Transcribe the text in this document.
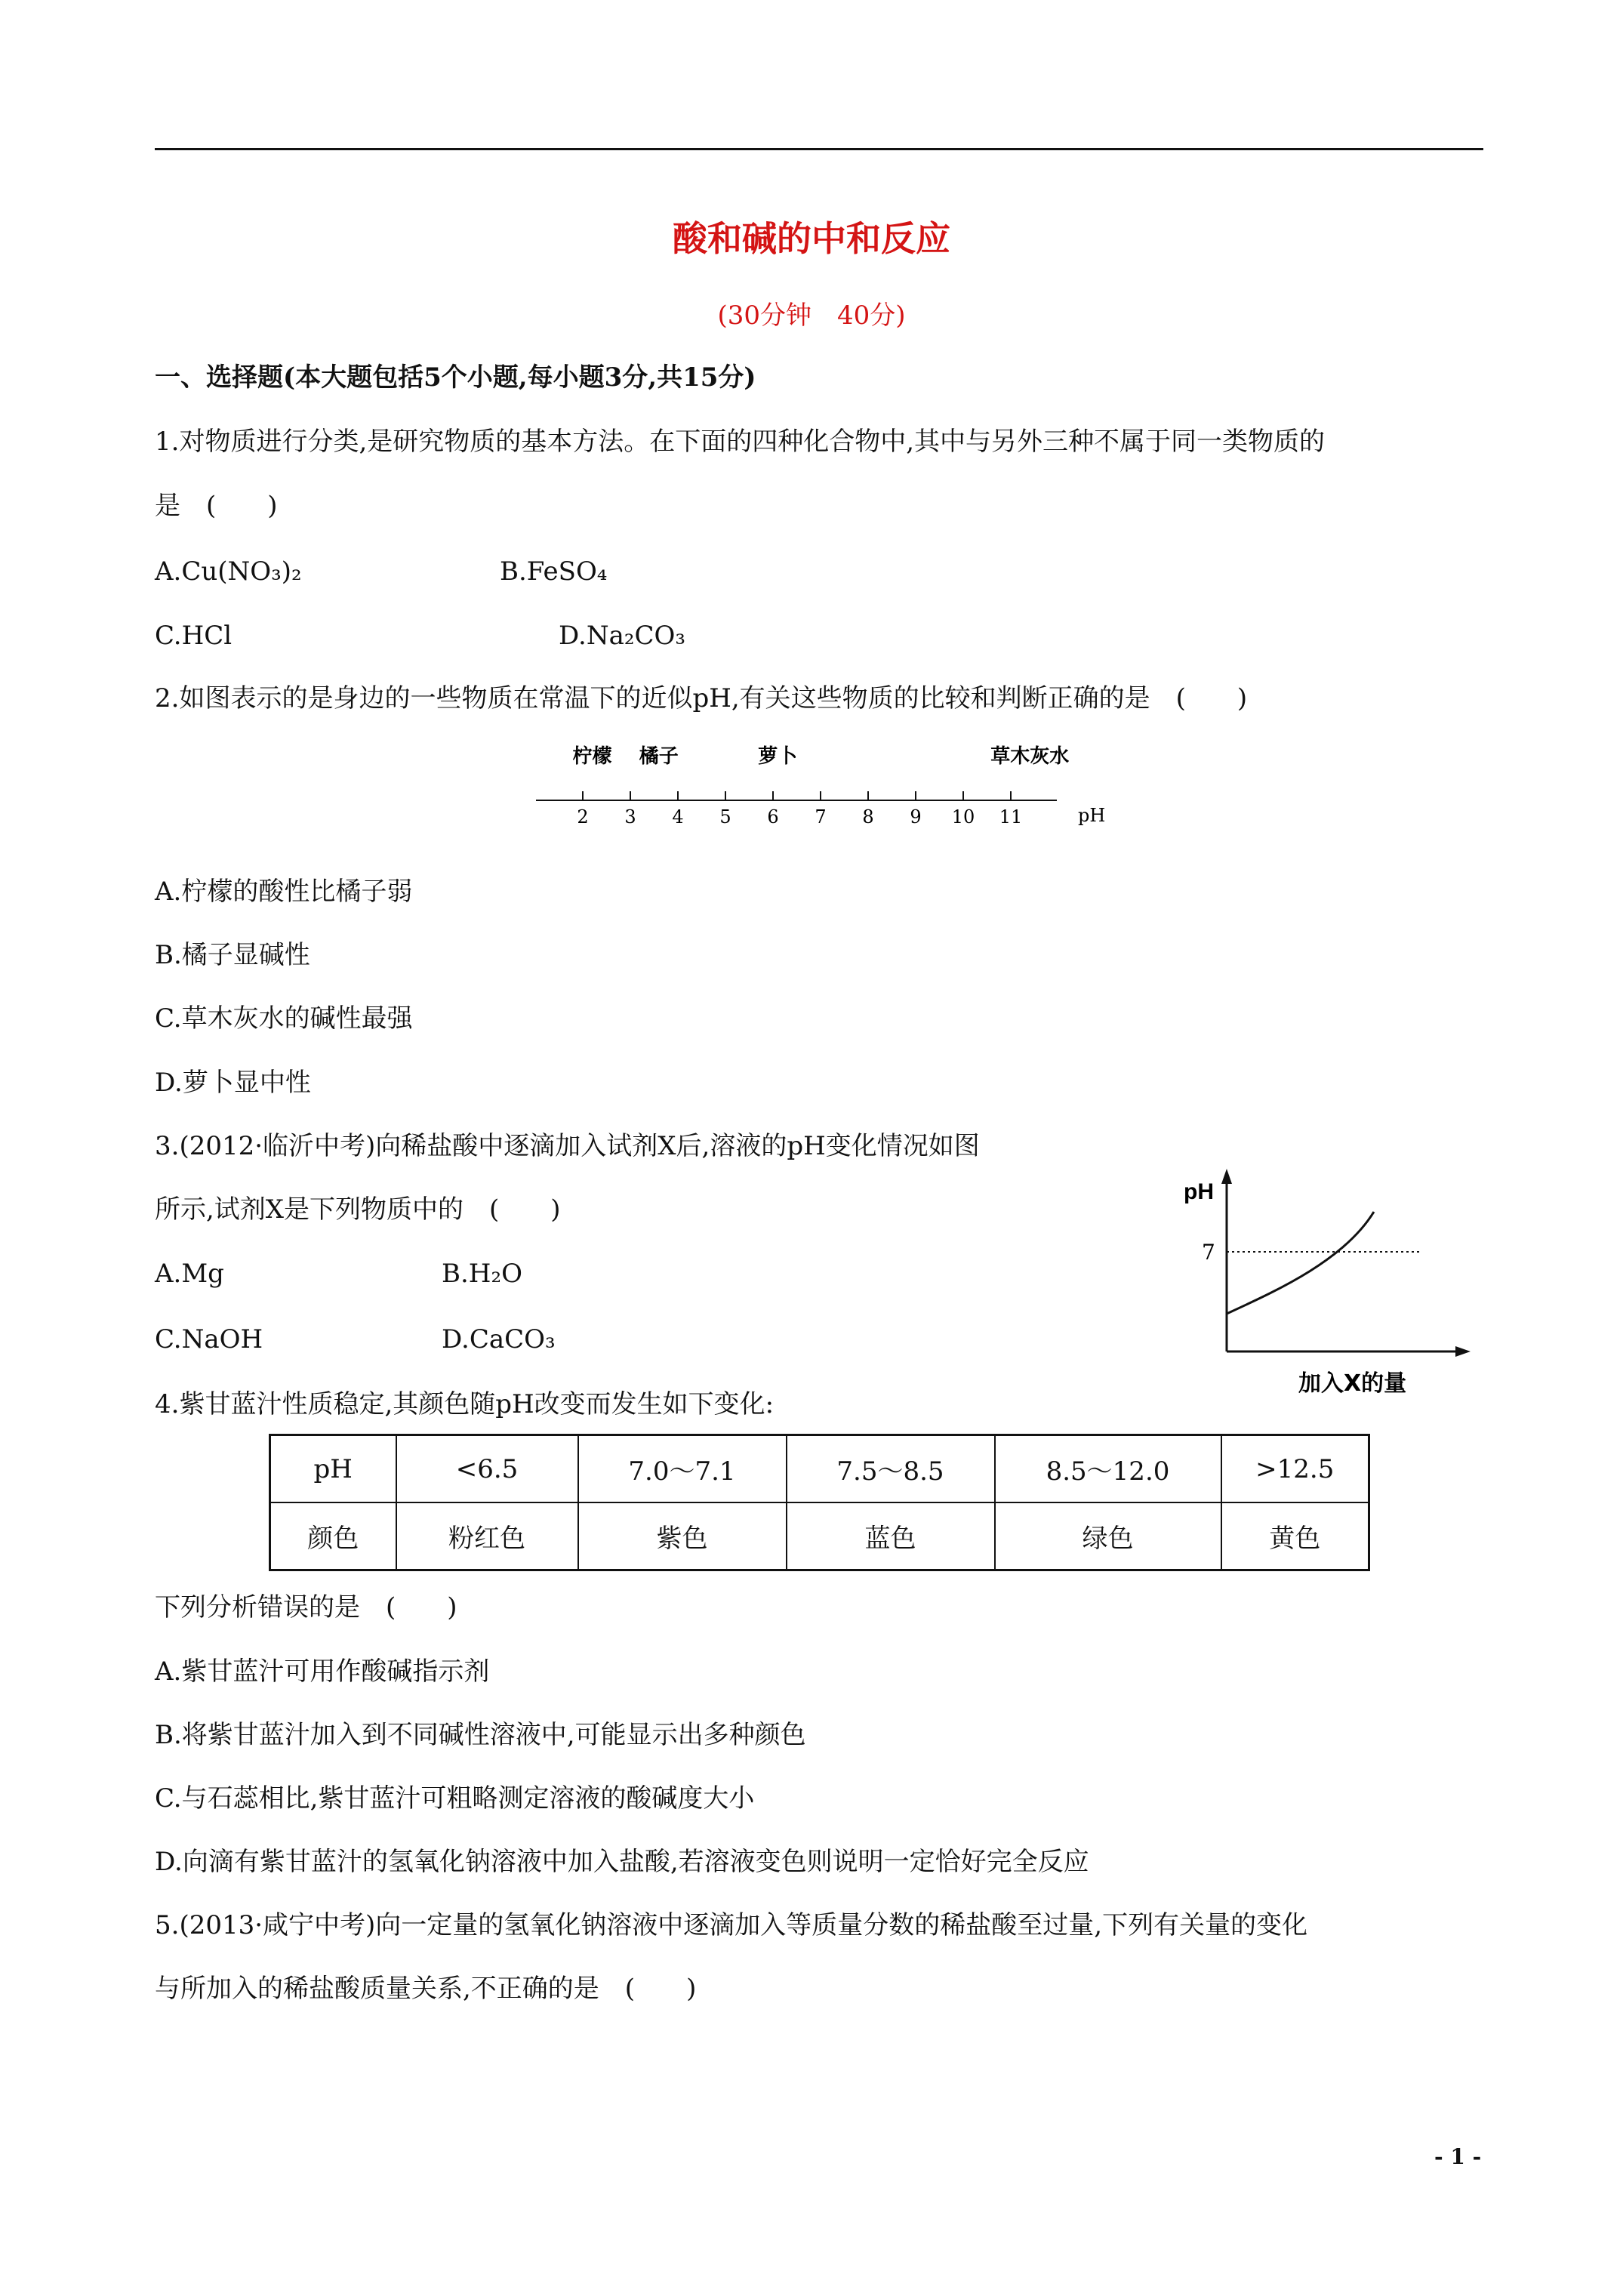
酸和碱的中和反应
(30分钟　40分)
一、选择题(本大题包括5个小题,每小题3分,共15分)
1.对物质进行分类,是研究物质的基本方法。在下面的四种化合物中,其中与另外三种不属于同一类物质的
是　(　　)
A.Cu(NO₃)₂	B.FeSO₄
C.HCl	D.Na₂CO₃
2.如图表示的是身边的一些物质在常温下的近似pH,有关这些物质的比较和判断正确的是　(　　)
2 3 4 5 6 7 8 9 10 11
柠檬 橘子	萝卜	草木灰水
pH
A.柠檬的酸性比橘子弱
B.橘子显碱性
C.草木灰水的碱性最强
D.萝卜显中性
3.(2012·临沂中考)向稀盐酸中逐滴加入试剂X后,溶液的pH变化情况如图
所示,试剂X是下列物质中的　(　　)
A.Mg	B.H₂O
C.NaOH	D.CaCO₃
pH
7
加入X的量
4.紫甘蓝汁性质稳定,其颜色随pH改变而发生如下变化:
pH	<6.5	7.0～7.1	7.5～8.5	8.5～12.0	>12.5
颜色	粉红色	紫色	蓝色	绿色	黄色
下列分析错误的是　(　　)
A.紫甘蓝汁可用作酸碱指示剂
B.将紫甘蓝汁加入到不同碱性溶液中,可能显示出多种颜色
C.与石蕊相比,紫甘蓝汁可粗略测定溶液的酸碱度大小
D.向滴有紫甘蓝汁的氢氧化钠溶液中加入盐酸,若溶液变色则说明一定恰好完全反应
5.(2013·咸宁中考)向一定量的氢氧化钠溶液中逐滴加入等质量分数的稀盐酸至过量,下列有关量的变化
与所加入的稀盐酸质量关系,不正确的是　(　　)
- 1 -
